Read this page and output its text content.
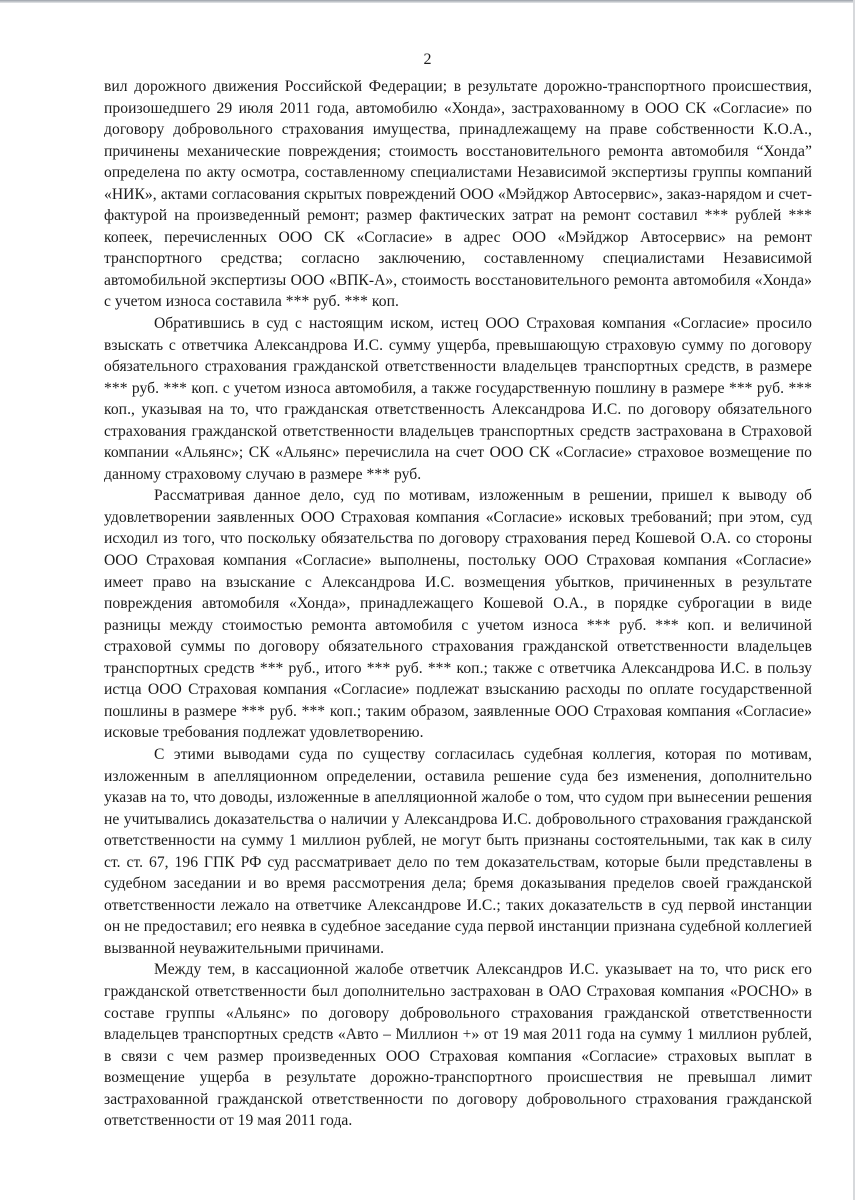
2

вил дорожного движения Российской Федерации; в результате дорожно-транспортного происшествия, произошедшего 29 июля 2011 года, автомобилю «Хонда», застрахованному в ООО СК «Согласие» по договору добровольного страхования имущества, принадлежащему на праве собственности К.О.А., причинены механические повреждения; стоимость восстановительного ремонта автомобиля “Хонда” определена по акту осмотра, составленному специалистами Независимой экспертизы группы компаний «НИК», актами согласования скрытых повреждений ООО «Мэйджор Автосервис», заказ-нарядом и счет-фактурой на произведенный ремонт; размер фактических затрат на ремонт составил *** рублей *** копеек, перечисленных ООО СК «Согласие» в адрес ООО «Мэйджор Автосервис» на ремонт транспортного средства; согласно заключению, составленному специалистами Независимой автомобильной экспертизы ООО «ВПК-А», стоимость восстановительного ремонта автомобиля «Хонда» с учетом износа составила *** руб. *** коп.

Обратившись в суд с настоящим иском, истец ООО Страховая компания «Согласие» просило взыскать с ответчика Александрова И.С. сумму ущерба, превышающую страховую сумму по договору обязательного страхования гражданской ответственности владельцев транспортных средств, в размере *** руб. *** коп. с учетом износа автомобиля, а также государственную пошлину в размере *** руб. *** коп., указывая на то, что гражданская ответственность Александрова И.С. по договору обязательного страхования гражданской ответственности владельцев транспортных средств застрахована в Страховой компании «Альянс»; СК «Альянс» перечислила на счет ООО СК «Согласие» страховое возмещение по данному страховому случаю в размере *** руб.

Рассматривая данное дело, суд по мотивам, изложенным в решении, пришел к выводу об удовлетворении заявленных ООО Страховая компания «Согласие» исковых требований; при этом, суд исходил из того, что поскольку обязательства по договору страхования перед Кошевой О.А. со стороны ООО Страховая компания «Согласие» выполнены, постольку ООО Страховая компания «Согласие» имеет право на взыскание с Александрова И.С. возмещения убытков, причиненных в результате повреждения автомобиля «Хонда», принадлежащего Кошевой О.А., в порядке суброгации в виде разницы между стоимостью ремонта автомобиля с учетом износа *** руб. *** коп. и величиной страховой суммы по договору обязательного страхования гражданской ответственности владельцев транспортных средств *** руб., итого *** руб. *** коп.; также с ответчика Александрова И.С. в пользу истца ООО Страховая компания «Согласие» подлежат взысканию расходы по оплате государственной пошлины в размере *** руб. *** коп.; таким образом, заявленные ООО Страховая компания «Согласие» исковые требования подлежат удовлетворению.

С этими выводами суда по существу согласилась судебная коллегия, которая по мотивам, изложенным в апелляционном определении, оставила решение суда без изменения, дополнительно указав на то, что доводы, изложенные в апелляционной жалобе о том, что судом при вынесении решения не учитывались доказательства о наличии у Александрова И.С. добровольного страхования гражданской ответственности на сумму 1 миллион рублей, не могут быть признаны состоятельными, так как в силу ст. ст. 67, 196 ГПК РФ суд рассматривает дело по тем доказательствам, которые были представлены в судебном заседании и во время рассмотрения дела; бремя доказывания пределов своей гражданской ответственности лежало на ответчике Александрове И.С.; таких доказательств в суд первой инстанции он не предоставил; его неявка в судебное заседание суда первой инстанции признана судебной коллегией вызванной неуважительными причинами.

Между тем, в кассационной жалобе ответчик Александров И.С. указывает на то, что риск его гражданской ответственности был дополнительно застрахован в ОАО Страховая компания «РОСНО» в составе группы «Альянс» по договору добровольного страхования гражданской ответственности владельцев транспортных средств «Авто – Миллион +» от 19 мая 2011 года на сумму 1 миллион рублей, в связи с чем размер произведенных ООО Страховая компания «Согласие» страховых выплат в возмещение ущерба в результате дорожно-транспортного происшествия не превышал лимит застрахованной гражданской ответственности по договору добровольного страхования гражданской ответственности от 19 мая 2011 года.
